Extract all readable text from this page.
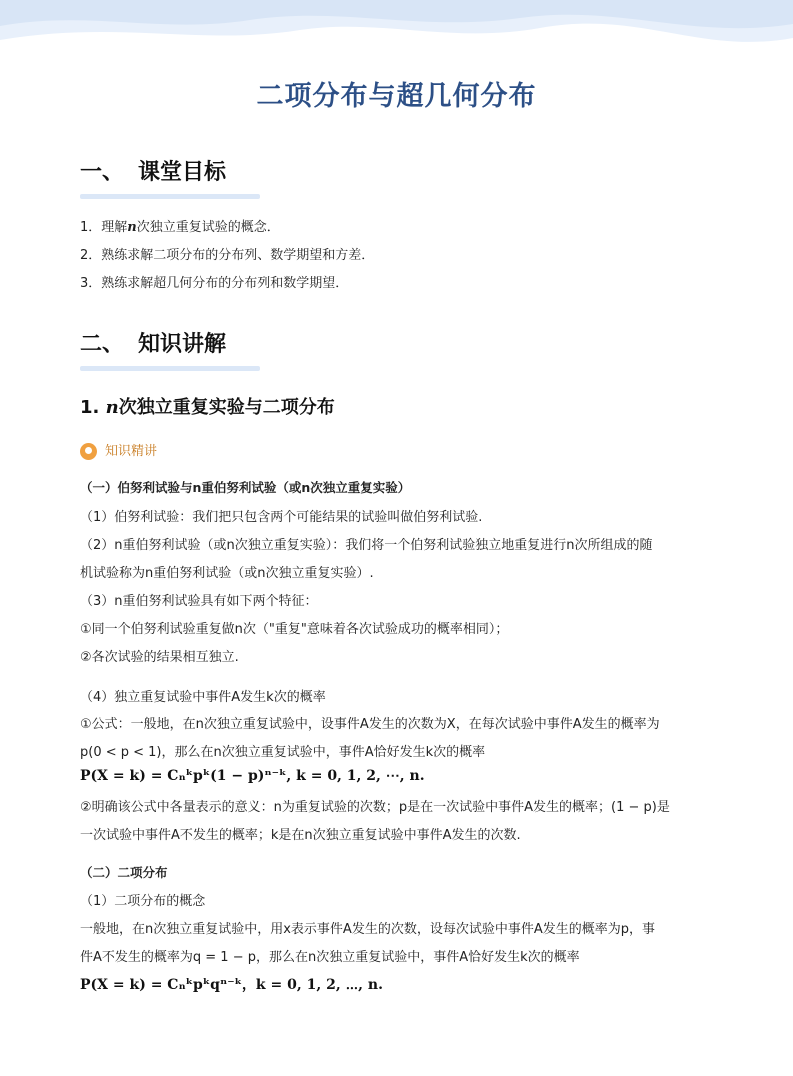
二项分布与超几何分布
一、 课堂目标
1．理解n次独立重复试验的概念．
2．熟练求解二项分布的分布列、数学期望和方差．
3．熟练求解超几何分布的分布列和数学期望．
二、 知识讲解
1. n次独立重复实验与二项分布
知识精讲
（一）伯努利试验与n重伯努利试验（或n次独立重复实验）
（1）伯努利试验：我们把只包含两个可能结果的试验叫做伯努利试验.
（2）n重伯努利试验（或n次独立重复实验）：我们将一个伯努利试验独立地重复进行n次所组成的随
机试验称为n重伯努利试验（或n次独立重复实验）.
（3）n重伯努利试验具有如下两个特征：
①同一个伯努利试验重复做n次（"重复"意味着各次试验成功的概率相同）；
②各次试验的结果相互独立.
（4）独立重复试验中事件A发生k次的概率
①公式：一般地，在n次独立重复试验中，设事件A发生的次数为X，在每次试验中事件A发生的概率为
p(0 < p < 1)，那么在n次独立重复试验中，事件A恰好发生k次的概率
P(X = k) = Cₙᵏpᵏ(1 − p)ⁿ⁻ᵏ, k = 0, 1, 2, ⋯, n.
②明确该公式中各量表示的意义：n为重复试验的次数；p是在一次试验中事件A发生的概率；(1 − p)是
一次试验中事件A不发生的概率；k是在n次独立重复试验中事件A发生的次数.
（二）二项分布
（1）二项分布的概念
一般地，在n次独立重复试验中，用x表示事件A发生的次数，设每次试验中事件A发生的概率为p，事
件A不发生的概率为q = 1 − p，那么在n次独立重复试验中，事件A恰好发生k次的概率
P(X = k) = Cₙᵏpᵏqⁿ⁻ᵏ，k = 0, 1, 2, ⋯, n.
